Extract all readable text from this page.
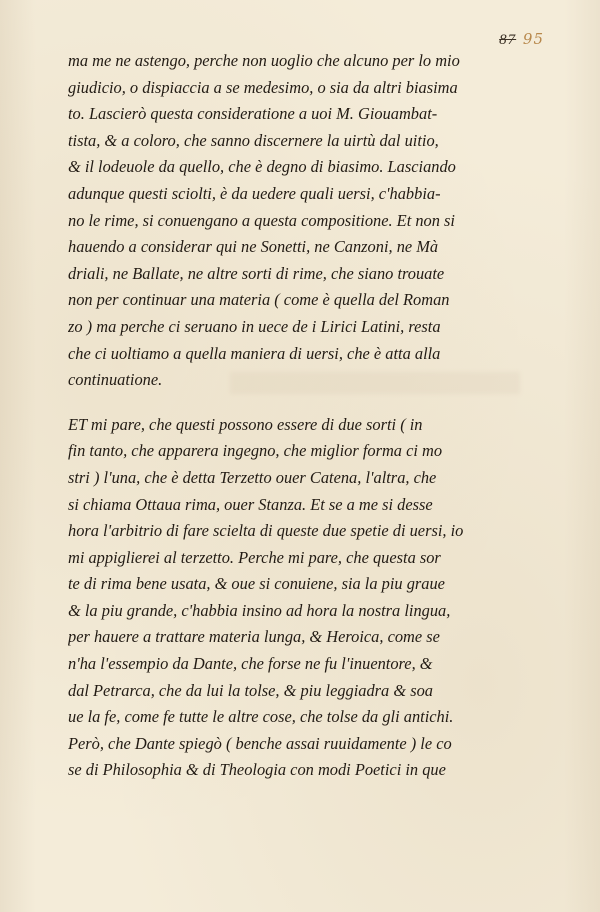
87 95
ma me ne astengo, perche non uoglio che alcuno per lo mio
giudicio, o dispiaccia a se medesimo, o sia da altri biasima
to. Lascierò questa consideratione a uoi M. Giouambat-
tista, & a coloro, che sanno discernere la uirtù dal uitio,
& il lodeuole da quello, che è degno di biasimo. Lasciando
adunque questi sciolti, è da uedere quali uersi, c'habbia-
no le rime, si conuengano a questa compositione. Et non si
hauendo a considerar qui ne Sonetti, ne Canzoni, ne Mà
driali, ne Ballate, ne altre sorti di rime, che siano trouate
non per continuar una materia ( come è quella del Roman
zo ) ma perche ci seruano in uece de i Lirici Latini, resta
che ci uoltiamo a quella maniera di uersi, che è atta alla
continuatione.
ET mi pare, che questi possono essere di due sorti ( in
fin tanto, che apparera ingegno, che miglior forma ci mo
stri ) l'una, che è detta Terzetto ouer Catena, l'altra, che
si chiama Ottaua rima, ouer Stanza. Et se a me si desse
hora l'arbitrio di fare scielta di queste due spetie di uersi, io
mi appiglierei al terzetto. Perche mi pare, che questa sor
te di rima bene usata, & oue si conuiene, sia la piu graue
& la piu grande, c'habbia insino ad hora la nostra lingua,
per hauere a trattare materia lunga, & Heroica, come se
n'ha l'essempio da Dante, che forse ne fu l'inuentore, &
dal Petrarca, che da lui la tolse, & piu leggiadra & soa
ue la fe, come fe tutte le altre cose, che tolse da gli antichi.
Però, che Dante spiegò ( benche assai ruuidamente ) le co
se di Philosophia & di Theologia con modi Poetici in que
